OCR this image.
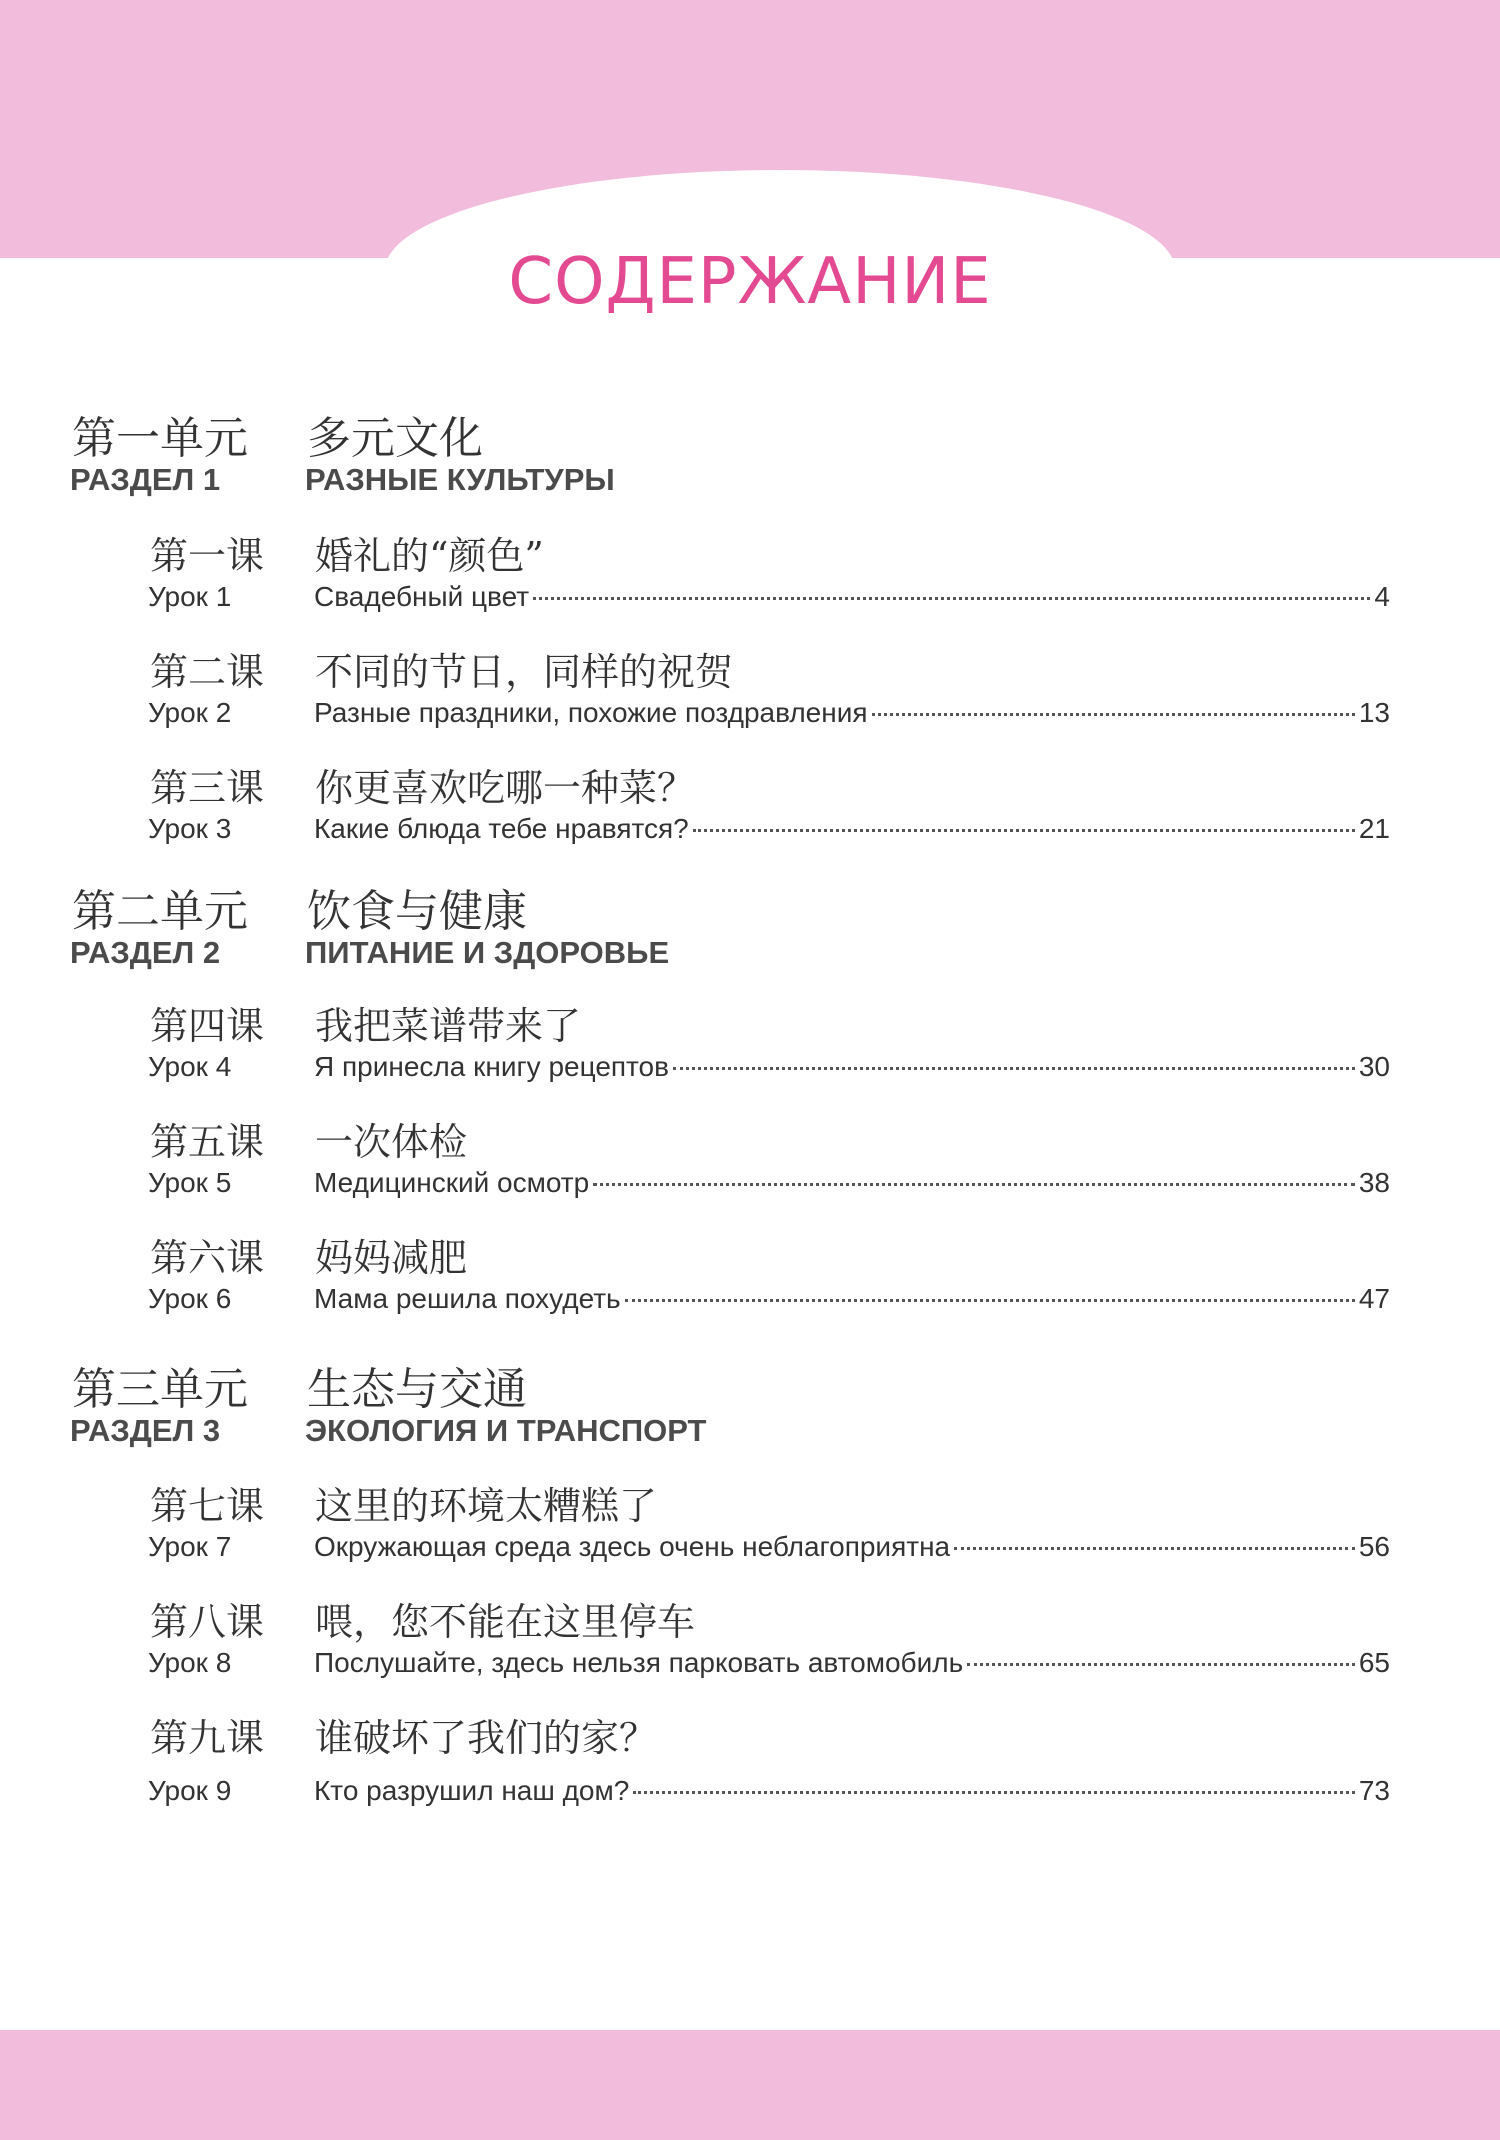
СОДЕРЖАНИЕ
第一单元 多元文化
РАЗДЕЛ 1	РАЗНЫЕ КУЛЬТУРЫ
第一课 婚礼的“颜色”
Урок 1	Свадебный цвет	4
第二课 不同的节日，同样的祝贺
Урок 2	Разные праздники, похожие поздравления	13
第三课 你更喜欢吃哪一种菜？
Урок 3	Какие блюда тебе нравятся?	21
第二单元 饮食与健康
РАЗДЕЛ 2	ПИТАНИЕ И ЗДОРОВЬЕ
第四课 我把菜谱带来了
Урок 4	Я принесла книгу рецептов	30
第五课 一次体检
Урок 5	Медицинский осмотр	38
第六课 妈妈减肥
Урок 6	Мама решила похудеть	47
第三单元 生态与交通
РАЗДЕЛ 3	ЭКОЛОГИЯ И ТРАНСПОРТ
第七课 这里的环境太糟糕了
Урок 7	Окружающая среда здесь очень неблагоприятна	56
第八课 喂，您不能在这里停车
Урок 8	Послушайте, здесь нельзя парковать автомобиль	65
第九课 谁破坏了我们的家？
Урок 9	Кто разрушил наш дом?	73
